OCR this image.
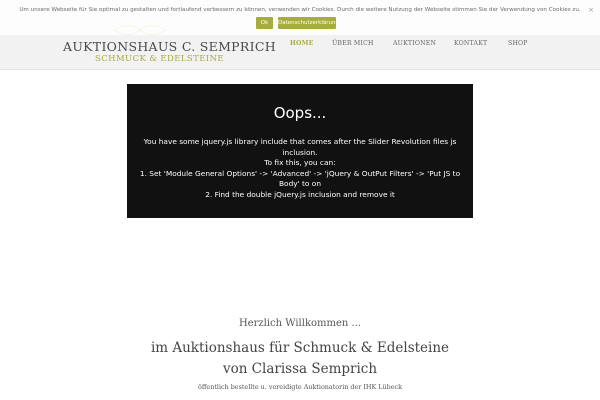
AUKTIONSHAUS C. SEMPRICH
SCHMUCK & EDELSTEINE
HOME	ÜBER MICH	AUKTIONEN	KONTAKT	SHOP
Um unsere Webseite für Sie optimal zu gestalten und fortlaufend verbessern zu können, verwenden wir Cookies. Durch die weitere Nutzung der Webseite stimmen Sie der Verwendung von Cookies zu.
Ok	Datenschutzerklärung
×
Oops...
You have some jquery.js library include that comes after the Slider Revolution files js inclusion.
To fix this, you can:
1. Set 'Module General Options' -> 'Advanced' -> 'jQuery & OutPut Filters' -> 'Put JS to Body' to on
2. Find the double jQuery.js inclusion and remove it
Herzlich Willkommen ...
im Auktionshaus für Schmuck & Edelsteine
von Clarissa Semprich
öffentlich bestellte u. vereidigte Auktionatorin der IHK Lübeck
